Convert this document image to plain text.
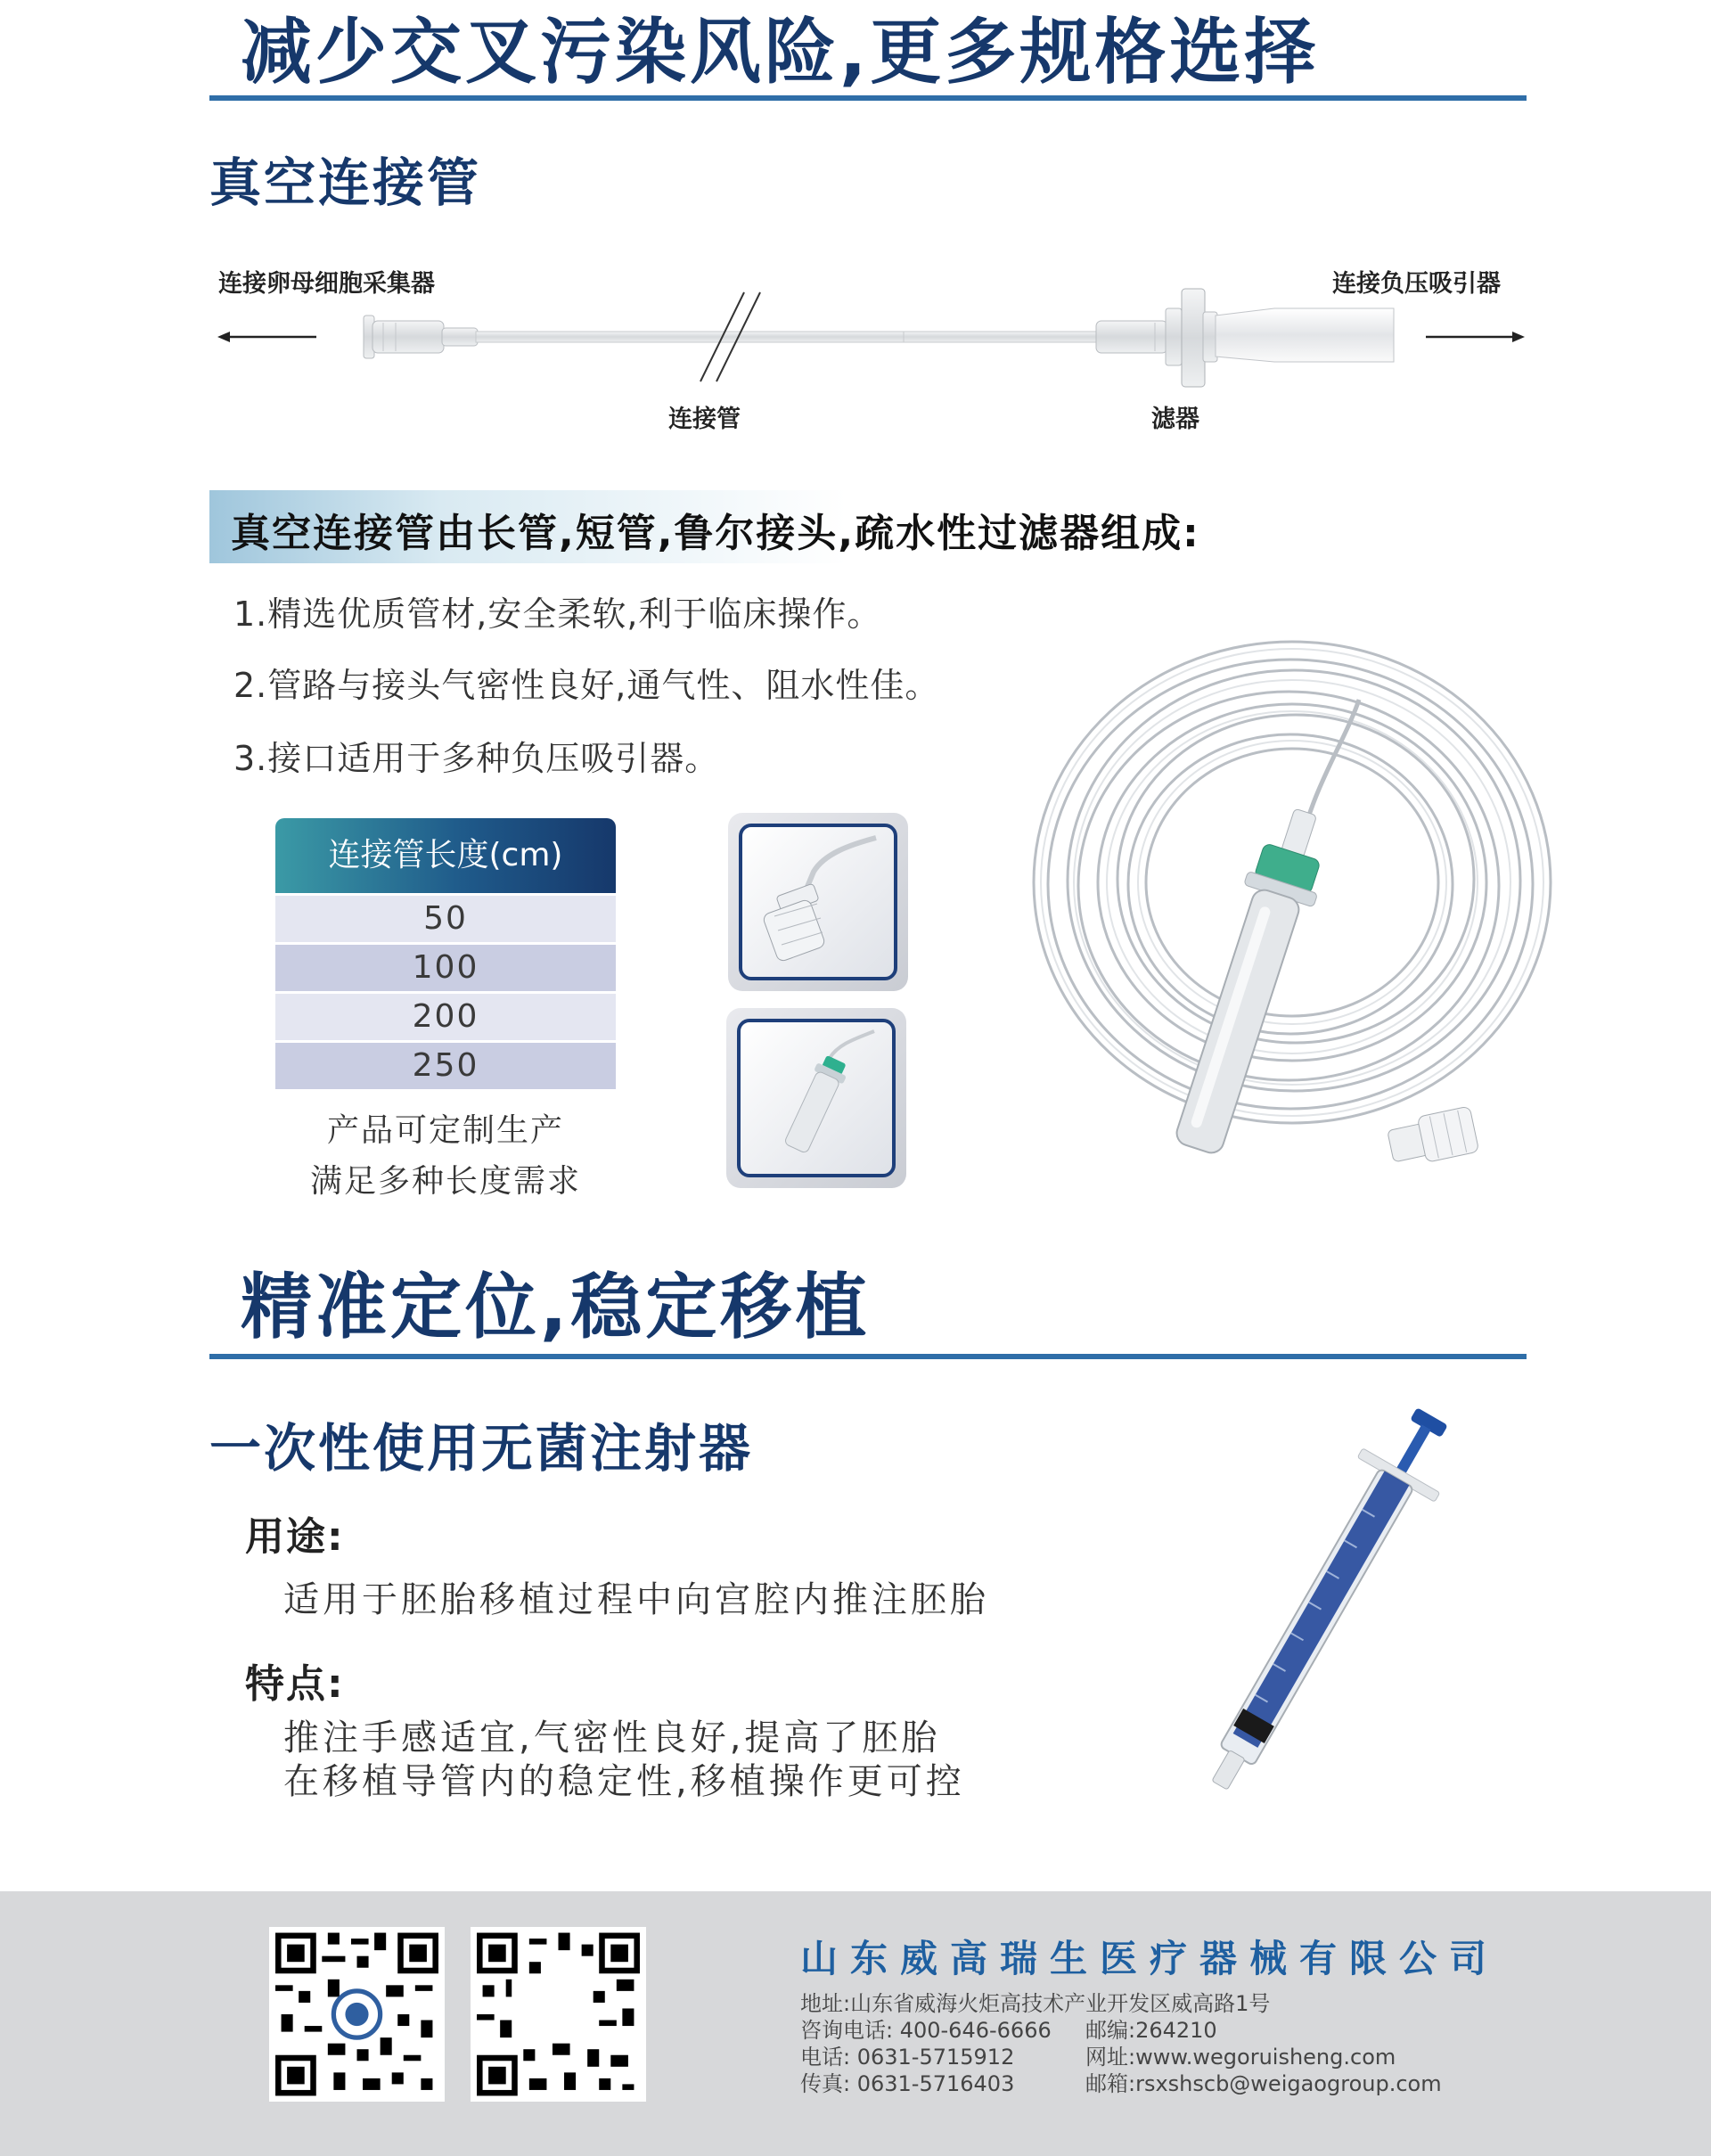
减少交叉污染风险,更多规格选择
真空连接管
连接卵母细胞采集器	连接负压吸引器
连接管	滤器
真空连接管由长管,短管,鲁尔接头,疏水性过滤器组成:
1.精选优质管材,安全柔软,利于临床操作。
2.管路与接头气密性良好,通气性、阻水性佳。
3.接口适用于多种负压吸引器。
连接管长度(cm)
50
100
200
250
产品可定制生产
满足多种长度需求
精准定位,稳定移植
一次性使用无菌注射器
用途:
适用于胚胎移植过程中向宫腔内推注胚胎
特点:
推注手感适宜,气密性良好,提高了胚胎
在移植导管内的稳定性,移植操作更可控
山东威高瑞生医疗器械有限公司
地址:山东省威海火炬高技术产业开发区威高路1号
咨询电话: 400-646-6666 邮编:264210
电话: 0631-5715912	网址:www.wegoruisheng.com
传真: 0631-5716403	邮箱:rsxshscb@weigaogroup.com
